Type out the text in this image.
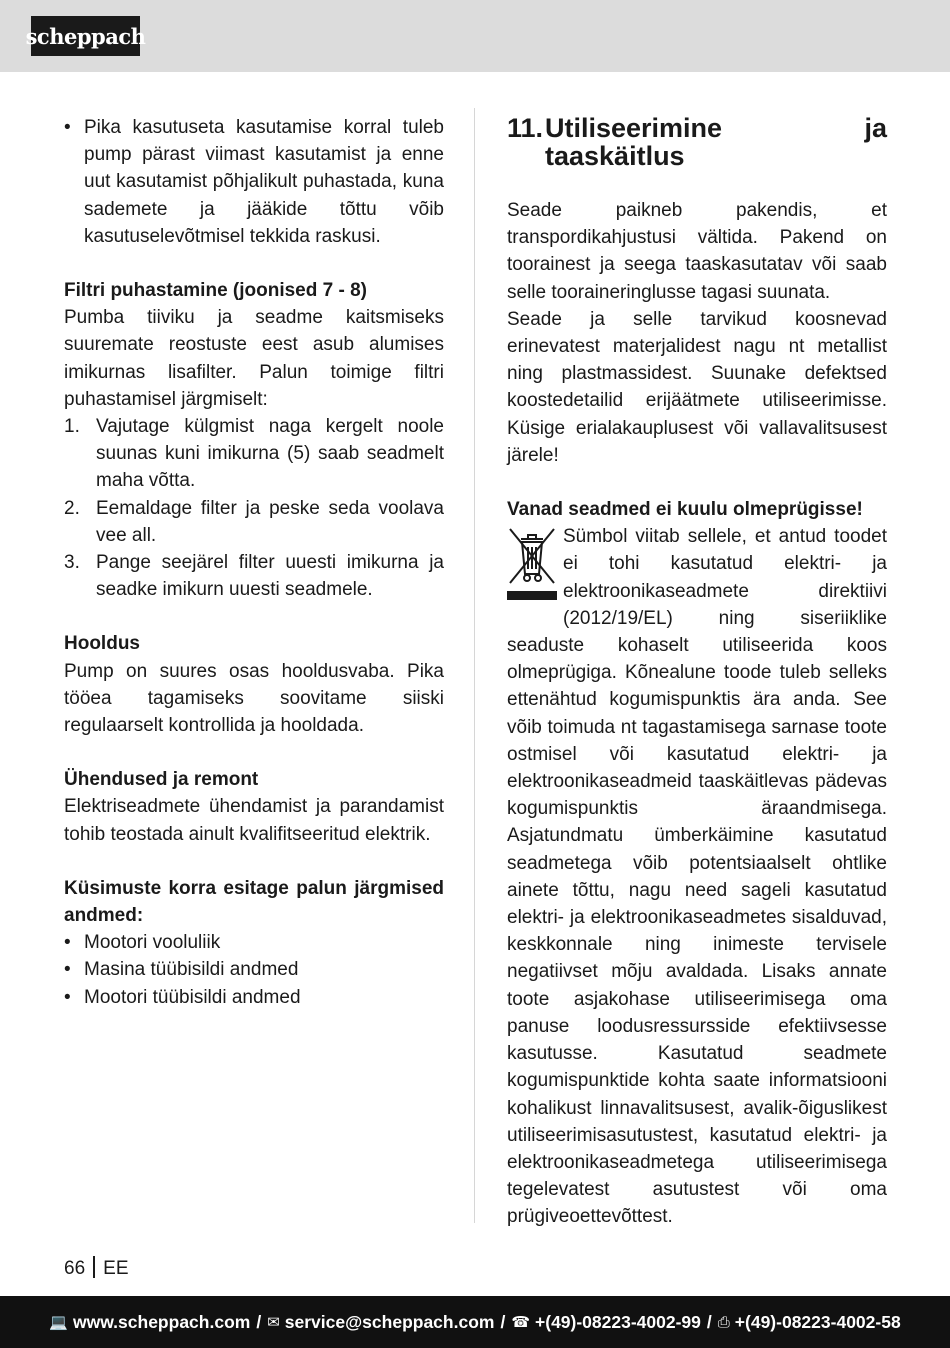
scheppach
• Pika kasutuseta kasutamise korral tuleb pump pärast viimast kasutamist ja enne uut kasutamist põhjalikult puhastada, kuna sademete ja jääkide tõttu võib kasutuselevõtmisel tekkida raskusi.

Filtri puhastamine (joonised 7 - 8)

Pumba tiiviku ja seadme kaitsmiseks suuremate reostuste eest asub alumises imikurnas lisafilter. Palun toimige filtri puhastamisel järgmiselt:

1. Vajutage külgmist naga kergelt noole suunas kuni imikurna (5) saab seadmelt maha võtta.
2. Eemaldage filter ja peske seda voolava vee all.
3. Pange seejärel filter uuesti imikurna ja seadke imikurn uuesti seadmele.

Hooldus

Pump on suures osas hooldusvaba. Pika tööea tagamiseks soovitame siiski regulaarselt kontrollida ja hooldada.

Ühendused ja remont

Elektriseadmete ühendamist ja parandamist tohib teostada ainult kvalifitseeritud elektrik.

Küsimuste korra esitage palun järgmised andmed:

• Mootori vooluliik
• Masina tüübisildi andmed
• Mootori tüübisildi andmed
11. Utiliseerimine ja taaskäitlus

Seade paikneb pakendis, et transpordikahjustusi vältida. Pakend on toorainest ja seega taaskasutatav või saab selle tooraineringlusse tagasi suunata.

Seade ja selle tarvikud koosnevad erinevatest materjalidest nagu nt metallist ning plastmassidest. Suunake defektsed koostedetailid erijäätmete utiliseerimisse. Küsige erialakauplusest või vallavalitsusest järele!

Vanad seadmed ei kuulu olmeprügisse!

Sümbol viitab sellele, et antud toodet ei tohi kasutatud elektri- ja elektroonikaseadmete direktiivi (2012/19/EL) ning siseriiklike seaduste kohaselt utiliseerida koos olmeprügiga. Kõnealune toode tuleb selleks ettenähtud kogumispunktis ära anda. See võib toimuda nt tagastamisega sarnase toote ostmisel või kasutatud elektri- ja elektroonikaseadmeid taaskäitlevas pädevas kogumispunktis äraandmisega. Asjatundmatu ümberkäimine kasutatud seadmetega võib potentsiaalselt ohtlike ainete tõttu, nagu need sageli kasutatud elektri- ja elektroonikaseadmetes sisalduvad, keskkonnale ning inimeste tervisele negatiivset mõju avaldada. Lisaks annate toote asjakohase utiliseerimisega oma panuse loodusressursside efektiivsesse kasutusse. Kasutatud seadmete kogumispunktide kohta saate informatsiooni kohalikust linnavalitsusest, avalik-õiguslikest utiliseerimisasutustest, kasutatud elektri- ja elektroonikaseadmetega utiliseerimisega tegelevatest asutustest või oma prügiveoettevõttest.

66 EE
💻 www.scheppach.com / ✉ service@scheppach.com / ☎ +(49)-08223-4002-99 / ⎙ +(49)-08223-4002-58
